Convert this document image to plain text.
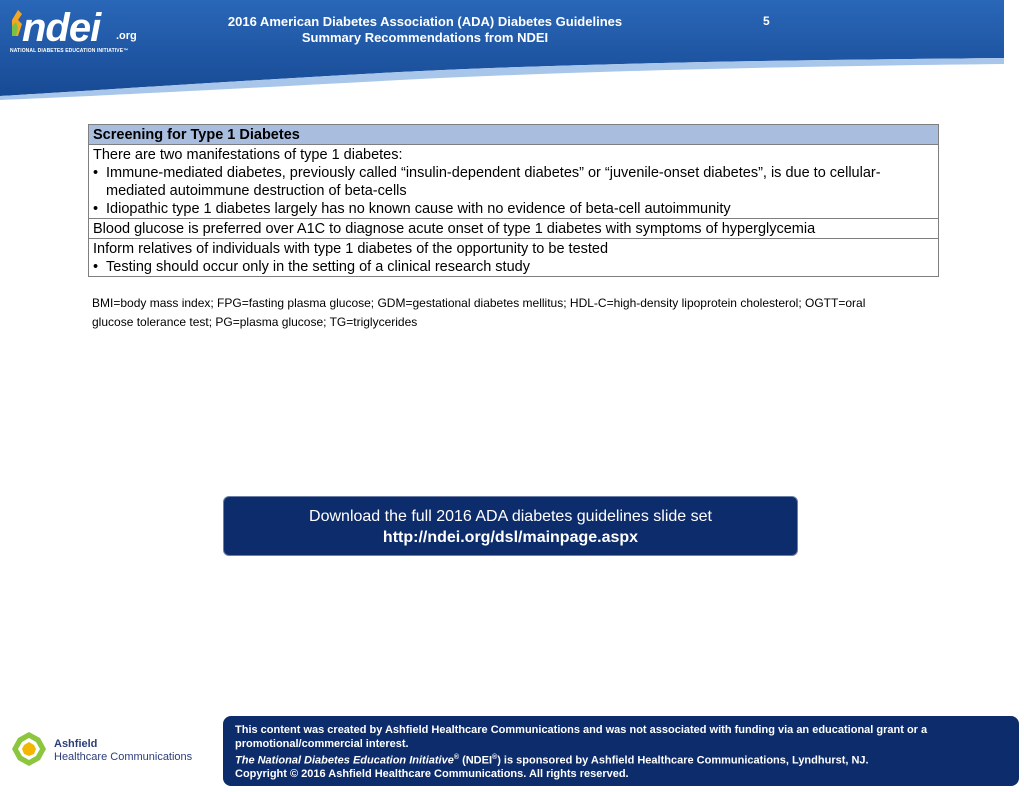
ndei .org
NATIONAL DIABETES EDUCATION INITIATIVE™
2016 American Diabetes Association (ADA) Diabetes Guidelines
Summary Recommendations from NDEI
5
Screening for Type 1 Diabetes
There are two manifestations of type 1 diabetes:
• Immune-mediated diabetes, previously called “insulin-dependent diabetes” or “juvenile-onset diabetes”, is due to cellular-mediated autoimmune destruction of beta-cells
• Idiopathic type 1 diabetes largely has no known cause with no evidence of beta-cell autoimmunity
Blood glucose is preferred over A1C to diagnose acute onset of type 1 diabetes with symptoms of hyperglycemia
Inform relatives of individuals with type 1 diabetes of the opportunity to be tested
• Testing should occur only in the setting of a clinical research study
BMI=body mass index; FPG=fasting plasma glucose; GDM=gestational diabetes mellitus; HDL-C=high-density lipoprotein cholesterol; OGTT=oral glucose tolerance test; PG=plasma glucose; TG=triglycerides
Download the full 2016 ADA diabetes guidelines slide set
http://ndei.org/dsl/mainpage.aspx
Ashfield
Healthcare Communications
This content was created by Ashfield Healthcare Communications and was not associated with funding via an educational grant or a promotional/commercial interest.
The National Diabetes Education Initiative® (NDEI®) is sponsored by Ashfield Healthcare Communications, Lyndhurst, NJ.
Copyright © 2016 Ashfield Healthcare Communications. All rights reserved.
